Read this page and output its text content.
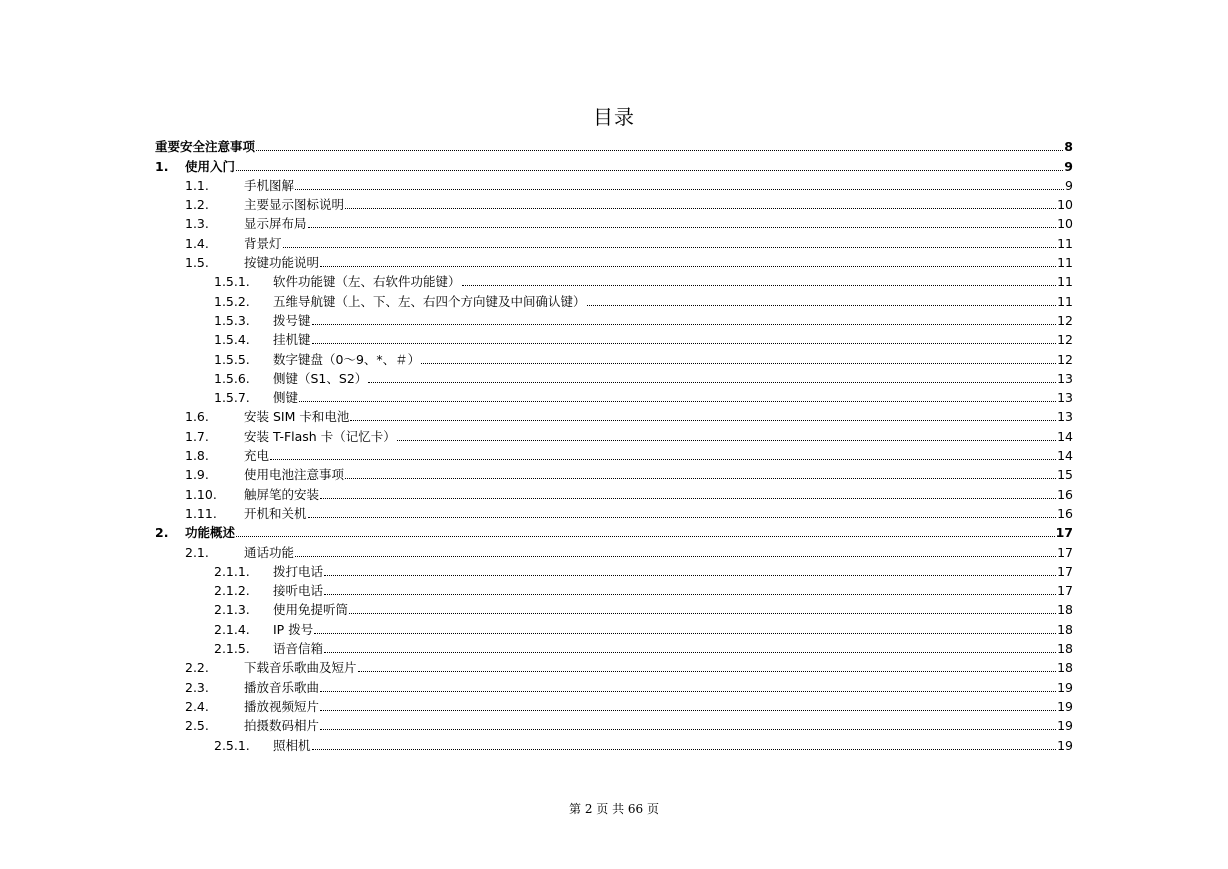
目录
重要安全注意事项	8
1.	使用入门	9
1.1.	手机图解	9
1.2.	主要显示图标说明	10
1.3.	显示屏布局	10
1.4.	背景灯	11
1.5.	按键功能说明	11
1.5.1.	软件功能键（左、右软件功能键）	11
1.5.2.	五维导航键（上、下、左、右四个方向键及中间确认键）	11
1.5.3.	拨号键	12
1.5.4.	挂机键	12
1.5.5.	数字键盘（0～9、*、＃）	12
1.5.6.	侧键（S1、S2）	13
1.5.7.	侧键	13
1.6.	安装 SIM 卡和电池	13
1.7.	安装 T-Flash 卡（记忆卡）	14
1.8.	充电	14
1.9.	使用电池注意事项	15
1.10.	触屏笔的安装	16
1.11.	开机和关机	16
2.	功能概述	17
2.1.	通话功能	17
2.1.1.	拨打电话	17
2.1.2.	接听电话	17
2.1.3.	使用免提听筒	18
2.1.4.	IP 拨号	18
2.1.5.	语音信箱	18
2.2.	下载音乐歌曲及短片	18
2.3.	播放音乐歌曲	19
2.4.	播放视频短片	19
2.5.	拍摄数码相片	19
2.5.1.	照相机	19
第 2 页 共 66 页
